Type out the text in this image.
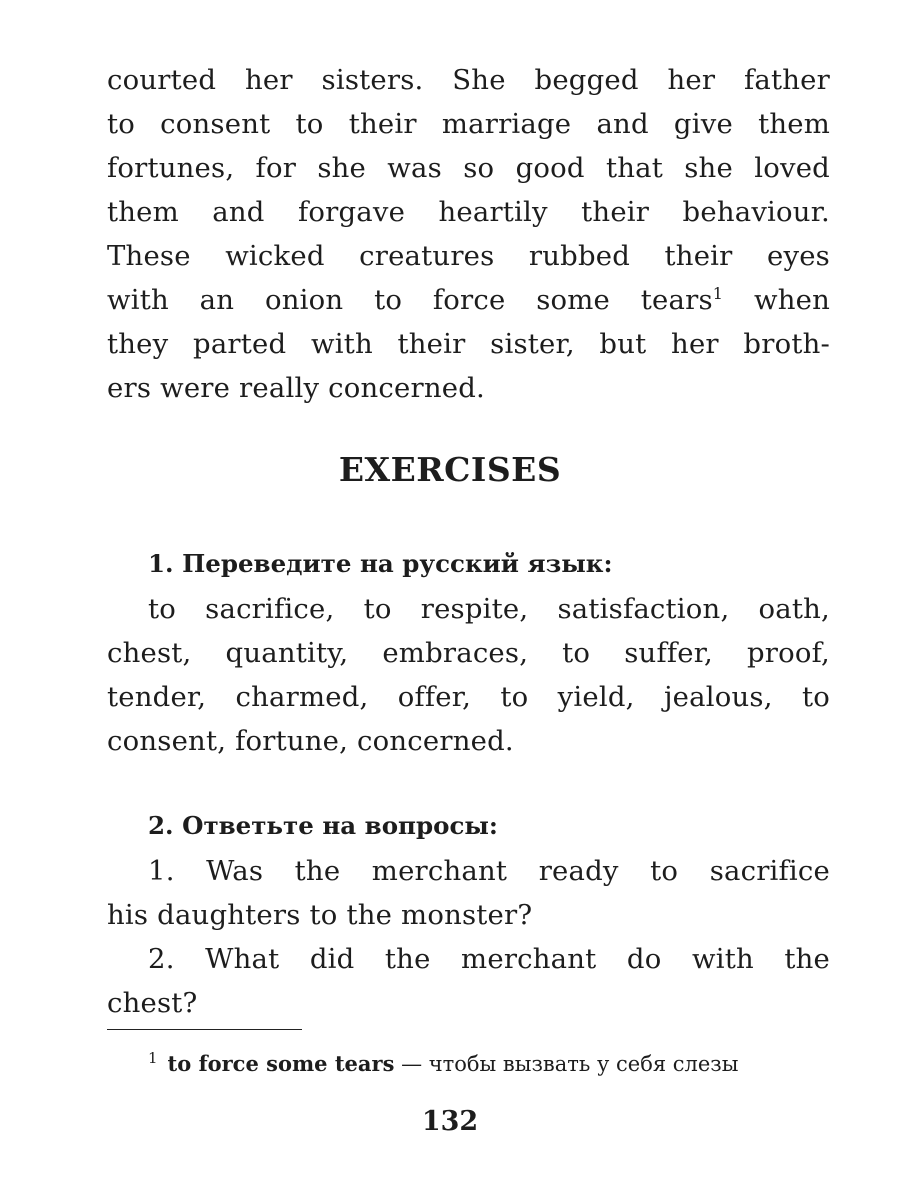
courted her sisters. She begged her father
to consent to their marriage and give them
fortunes, for she was so good that she loved
them and forgave heartily their behaviour.
These wicked creatures rubbed their eyes
with an onion to force some tears$^1$ when
they parted with their sister, but her broth-
ers were really concerned.
EXERCISES
1. Переведите на русский язык:
to sacrifice, to respite, satisfaction, oath,
chest, quantity, embraces, to suffer, proof,
tender, charmed, offer, to yield, jealous, to
consent, fortune, concerned.
2. Ответьте на вопросы:
1. Was the merchant ready to sacrifice
his daughters to the monster?
2. What did the merchant do with the
chest?
$^1$ to force some tears — чтобы вызвать у себя слезы
132
